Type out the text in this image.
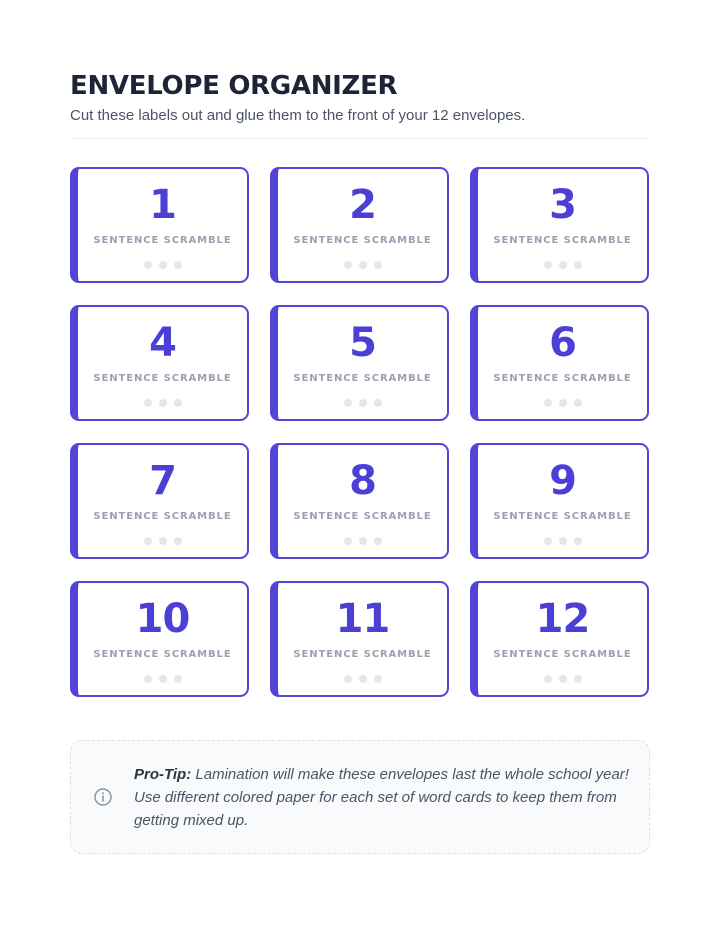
ENVELOPE ORGANIZER

Cut these labels out and glue them to the front of your 12 envelopes.

1
SENTENCE SCRAMBLE
2
SENTENCE SCRAMBLE
3
SENTENCE SCRAMBLE
4
SENTENCE SCRAMBLE
5
SENTENCE SCRAMBLE
6
SENTENCE SCRAMBLE
7
SENTENCE SCRAMBLE
8
SENTENCE SCRAMBLE
9
SENTENCE SCRAMBLE
10
SENTENCE SCRAMBLE
11
SENTENCE SCRAMBLE
12
SENTENCE SCRAMBLE

Pro-Tip: Lamination will make these envelopes last the whole school year! Use different colored paper for each set of word cards to keep them from getting mixed up.
